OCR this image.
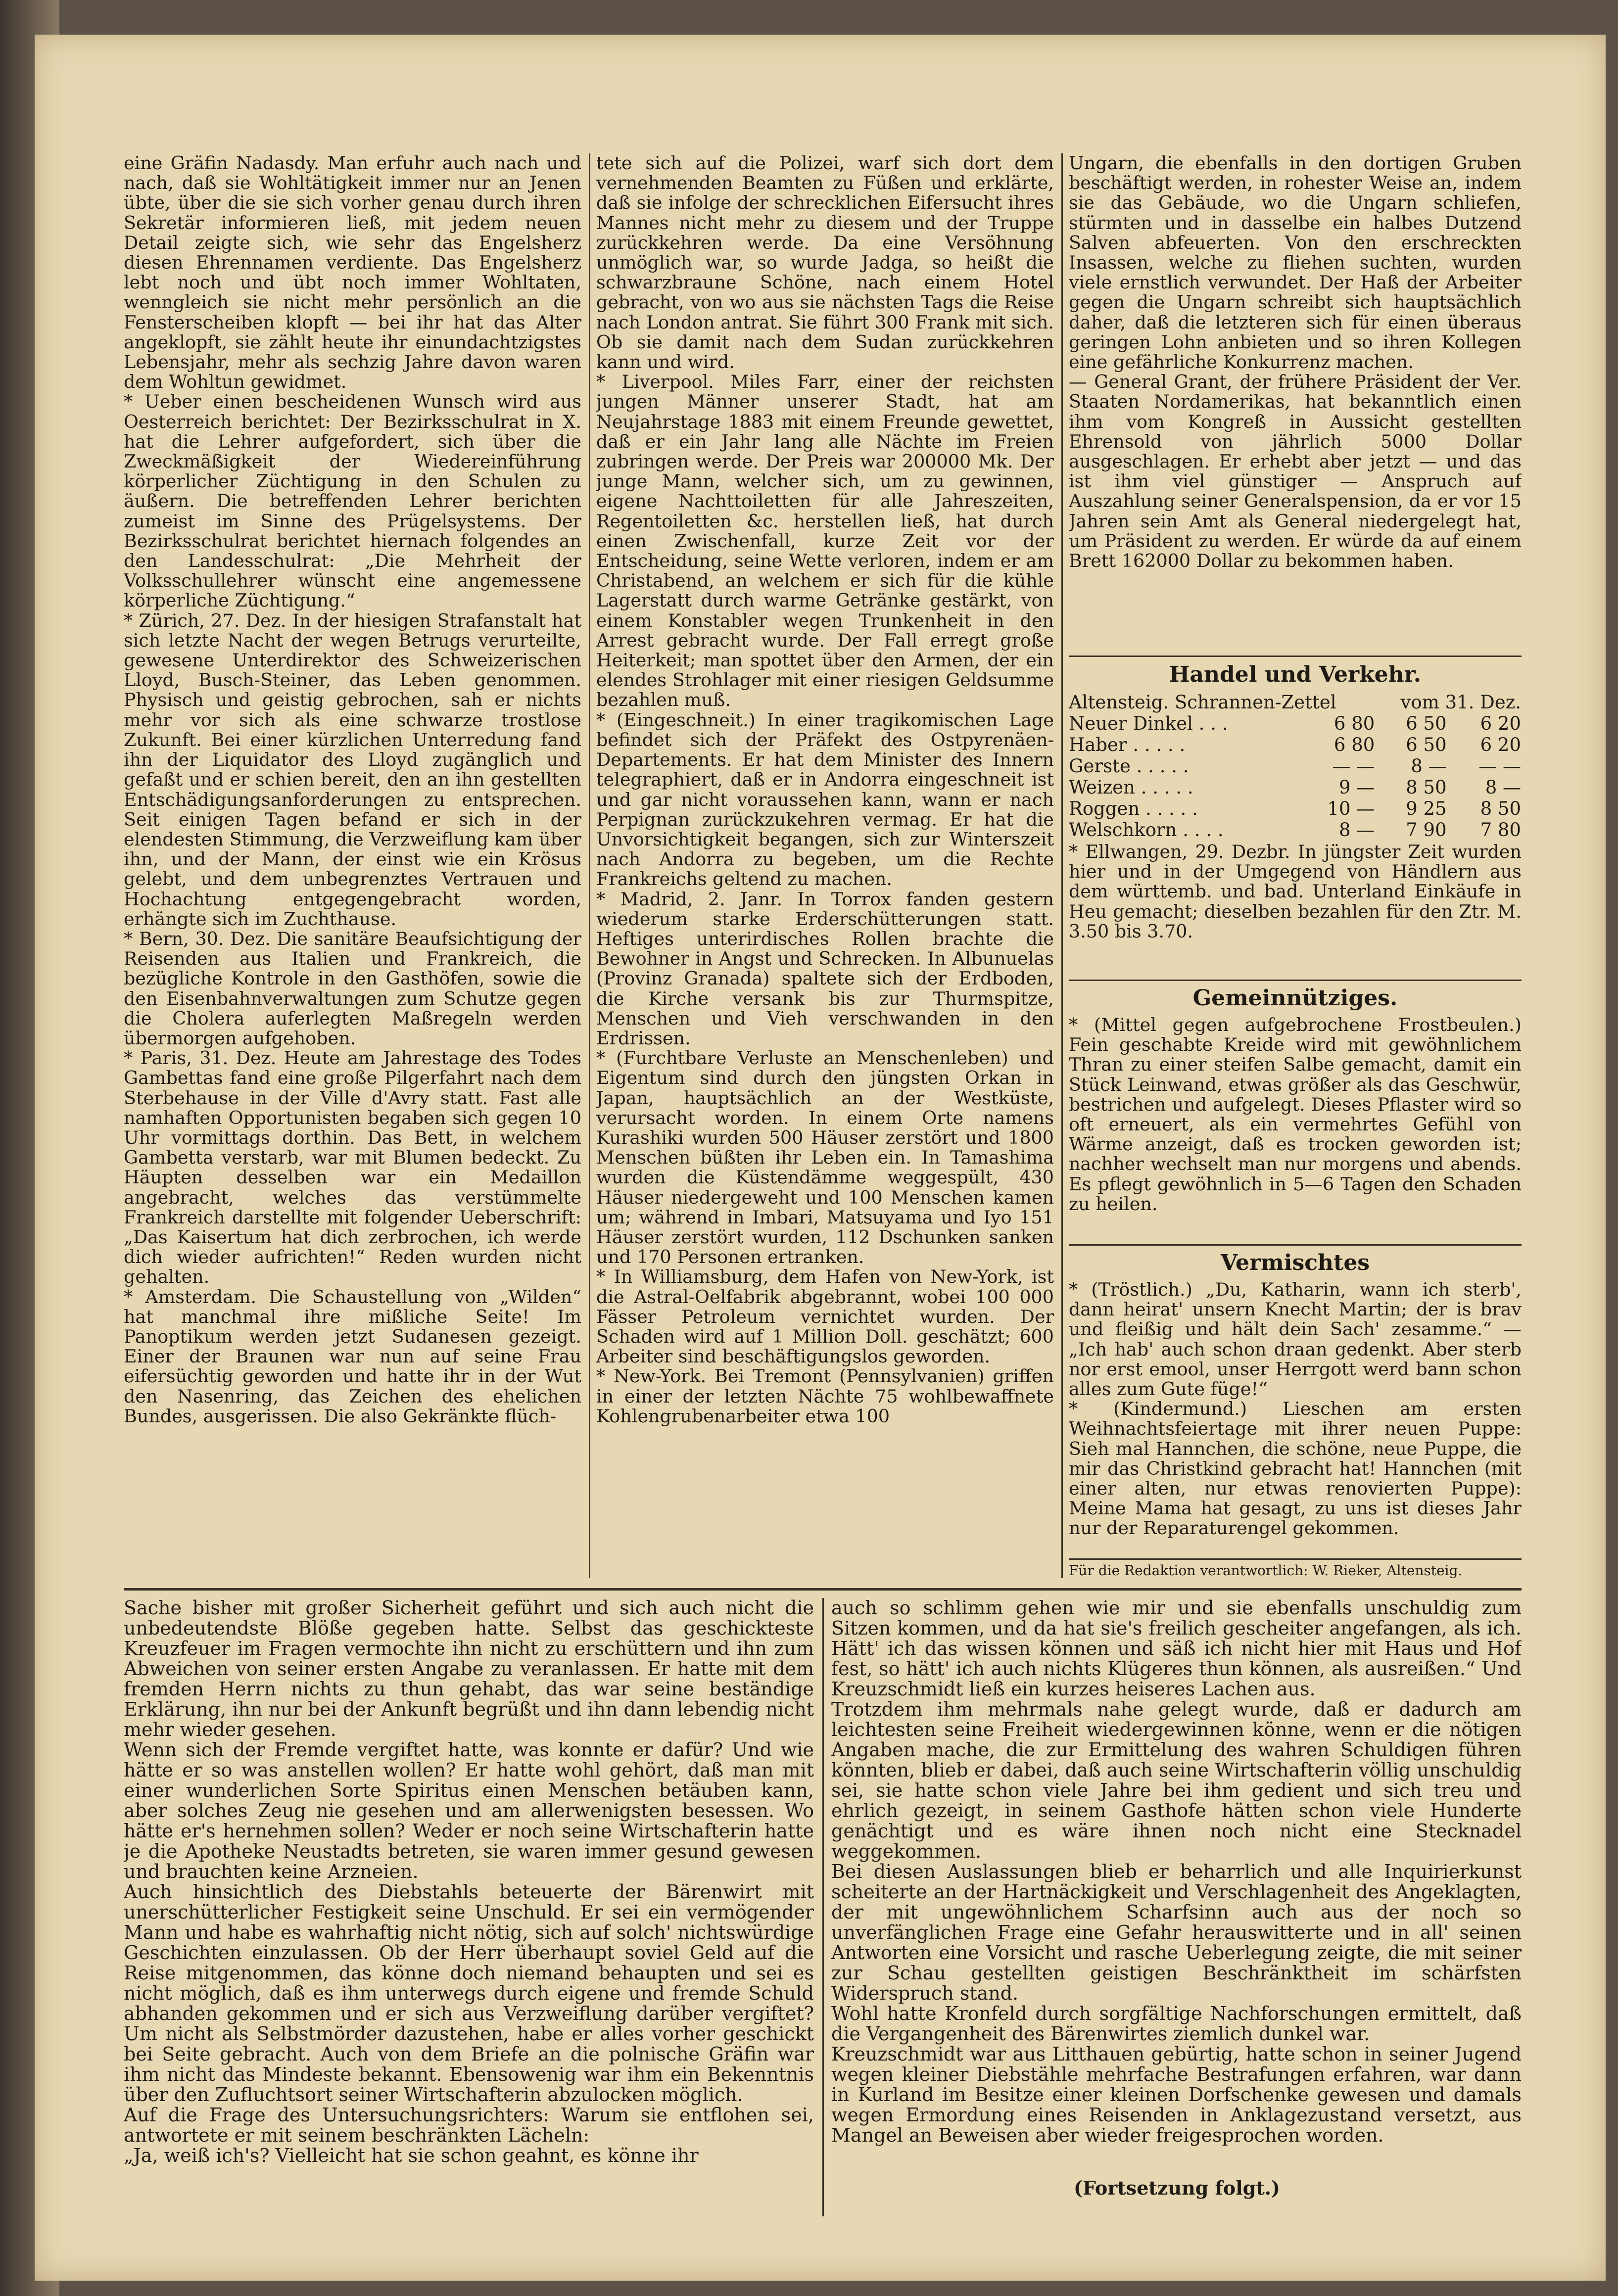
eine Gräfin Nadasdy. Man erfuhr auch nach und nach, daß sie Wohltätigkeit immer nur an Jenen übte, über die sie sich vorher genau durch ihren Sekretär informieren ließ, mit jedem neuen Detail zeigte sich, wie sehr das Engelsherz diesen Ehrennamen verdiente. Das Engelsherz lebt noch und übt noch immer Wohltaten, wenngleich sie nicht mehr persönlich an die Fensterscheiben klopft — bei ihr hat das Alter angeklopft, sie zählt heute ihr einundachtzigstes Lebensjahr, mehr als sechzig Jahre davon waren dem Wohltun gewidmet.
* Ueber einen bescheidenen Wunsch wird aus Oesterreich berichtet: Der Bezirksschulrat in X. hat die Lehrer aufgefordert, sich über die Zweckmäßigkeit der Wiedereinführung körperlicher Züchtigung in den Schulen zu äußern. Die betreffenden Lehrer berichten zumeist im Sinne des Prügelsystems. Der Bezirksschulrat berichtet hiernach folgendes an den Landesschulrat: „Die Mehrheit der Volksschullehrer wünscht eine angemessene körperliche Züchtigung.“
* Zürich, 27. Dez. In der hiesigen Strafanstalt hat sich letzte Nacht der wegen Betrugs verurteilte, gewesene Unterdirektor des Schweizerischen Lloyd, Busch-Steiner, das Leben genommen. Physisch und geistig gebrochen, sah er nichts mehr vor sich als eine schwarze trostlose Zukunft. Bei einer kürzlichen Unterredung fand ihn der Liquidator des Lloyd zugänglich und gefaßt und er schien bereit, den an ihn gestellten Entschädigungsanforderungen zu entsprechen. Seit einigen Tagen befand er sich in der elendesten Stimmung, die Verzweiflung kam über ihn, und der Mann, der einst wie ein Krösus gelebt, und dem unbegrenztes Vertrauen und Hochachtung entgegengebracht worden, erhängte sich im Zuchthause.
* Bern, 30. Dez. Die sanitäre Beaufsichtigung der Reisenden aus Italien und Frankreich, die bezügliche Kontrole in den Gasthöfen, sowie die den Eisenbahnverwaltungen zum Schutze gegen die Cholera auferlegten Maßregeln werden übermorgen aufgehoben.
* Paris, 31. Dez. Heute am Jahrestage des Todes Gambettas fand eine große Pilgerfahrt nach dem Sterbehause in der Ville d'Avry statt. Fast alle namhaften Opportunisten begaben sich gegen 10 Uhr vormittags dorthin. Das Bett, in welchem Gambetta verstarb, war mit Blumen bedeckt. Zu Häupten desselben war ein Medaillon angebracht, welches das verstümmelte Frankreich darstellte mit folgender Ueberschrift: „Das Kaisertum hat dich zerbrochen, ich werde dich wieder aufrichten!“ Reden wurden nicht gehalten.
* Amsterdam. Die Schaustellung von „Wilden“ hat manchmal ihre mißliche Seite! Im Panoptikum werden jetzt Sudanesen gezeigt. Einer der Braunen war nun auf seine Frau eifersüchtig geworden und hatte ihr in der Wut den Nasenring, das Zeichen des ehelichen Bundes, ausgerissen. Die also Gekränkte flüch-
tete sich auf die Polizei, warf sich dort dem vernehmenden Beamten zu Füßen und erklärte, daß sie infolge der schrecklichen Eifersucht ihres Mannes nicht mehr zu diesem und der Truppe zurückkehren werde. Da eine Versöhnung unmöglich war, so wurde Jadga, so heißt die schwarzbraune Schöne, nach einem Hotel gebracht, von wo aus sie nächsten Tags die Reise nach London antrat. Sie führt 300 Frank mit sich. Ob sie damit nach dem Sudan zurückkehren kann und wird.
* Liverpool. Miles Farr, einer der reichsten jungen Männer unserer Stadt, hat am Neujahrstage 1883 mit einem Freunde gewettet, daß er ein Jahr lang alle Nächte im Freien zubringen werde. Der Preis war 200000 Mk. Der junge Mann, welcher sich, um zu gewinnen, eigene Nachttoiletten für alle Jahreszeiten, Regentoiletten &c. herstellen ließ, hat durch einen Zwischenfall, kurze Zeit vor der Entscheidung, seine Wette verloren, indem er am Christabend, an welchem er sich für die kühle Lagerstatt durch warme Getränke gestärkt, von einem Konstabler wegen Trunkenheit in den Arrest gebracht wurde. Der Fall erregt große Heiterkeit; man spottet über den Armen, der ein elendes Strohlager mit einer riesigen Geldsumme bezahlen muß.
* (Eingeschneit.) In einer tragikomischen Lage befindet sich der Präfekt des Ostpyrenäen-Departements. Er hat dem Minister des Innern telegraphiert, daß er in Andorra eingeschneit ist und gar nicht voraussehen kann, wann er nach Perpignan zurückzukehren vermag. Er hat die Unvorsichtigkeit begangen, sich zur Winterszeit nach Andorra zu begeben, um die Rechte Frankreichs geltend zu machen.
* Madrid, 2. Janr. In Torrox fanden gestern wiederum starke Erderschütterungen statt. Heftiges unterirdisches Rollen brachte die Bewohner in Angst und Schrecken. In Albunuelas (Provinz Granada) spaltete sich der Erdboden, die Kirche versank bis zur Thurmspitze, Menschen und Vieh verschwanden in den Erdrissen.
* (Furchtbare Verluste an Menschenleben) und Eigentum sind durch den jüngsten Orkan in Japan, hauptsächlich an der Westküste, verursacht worden. In einem Orte namens Kurashiki wurden 500 Häuser zerstört und 1800 Menschen büßten ihr Leben ein. In Tamashima wurden die Küstendämme weggespült, 430 Häuser niedergeweht und 100 Menschen kamen um; während in Imbari, Matsuyama und Iyo 151 Häuser zerstört wurden, 112 Dschunken sanken und 170 Personen ertranken.
* In Williamsburg, dem Hafen von New-York, ist die Astral-Oelfabrik abgebrannt, wobei 100 000 Fässer Petroleum vernichtet wurden. Der Schaden wird auf 1 Million Doll. geschätzt; 600 Arbeiter sind beschäftigungslos geworden.
* New-York. Bei Tremont (Pennsylvanien) griffen in einer der letzten Nächte 75 wohlbewaffnete Kohlengrubenarbeiter etwa 100
Ungarn, die ebenfalls in den dortigen Gruben beschäftigt werden, in rohester Weise an, indem sie das Gebäude, wo die Ungarn schliefen, stürmten und in dasselbe ein halbes Dutzend Salven abfeuerten. Von den erschreckten Insassen, welche zu fliehen suchten, wurden viele ernstlich verwundet. Der Haß der Arbeiter gegen die Ungarn schreibt sich hauptsächlich daher, daß die letzteren sich für einen überaus geringen Lohn anbieten und so ihren Kollegen eine gefährliche Konkurrenz machen.
— General Grant, der frühere Präsident der Ver. Staaten Nordamerikas, hat bekanntlich einen ihm vom Kongreß in Aussicht gestellten Ehrensold von jährlich 5000 Dollar ausgeschlagen. Er erhebt aber jetzt — und das ist ihm viel günstiger — Anspruch auf Auszahlung seiner Generalspension, da er vor 15 Jahren sein Amt als General niedergelegt hat, um Präsident zu werden. Er würde da auf einem Brett 162000 Dollar zu bekommen haben.
Handel und Verkehr.
Altensteig. Schrannen-Zettel		vom 31. Dez.	
Neuer Dinkel . . .	6 80	6 50	6 20
Haber . . . . .	6 80	6 50	6 20
Gerste . . . . .	— —	8 —	— —
Weizen . . . . .	9 —	8 50	8 —
Roggen . . . . .	10 —	9 25	8 50
Welschkorn . . . .	8 —	7 90	7 80
* Ellwangen, 29. Dezbr. In jüngster Zeit wurden hier und in der Umgegend von Händlern aus dem württemb. und bad. Unterland Einkäufe in Heu gemacht; dieselben bezahlen für den Ztr. M. 3.50 bis 3.70.
Gemeinnütziges.
* (Mittel gegen aufgebrochene Frostbeulen.) Fein geschabte Kreide wird mit gewöhnlichem Thran zu einer steifen Salbe gemacht, damit ein Stück Leinwand, etwas größer als das Geschwür, bestrichen und aufgelegt. Dieses Pflaster wird so oft erneuert, als ein vermehrtes Gefühl von Wärme anzeigt, daß es trocken geworden ist; nachher wechselt man nur morgens und abends. Es pflegt gewöhnlich in 5—6 Tagen den Schaden zu heilen.
Vermischtes
* (Tröstlich.) „Du, Katharin, wann ich sterb', dann heirat' unsern Knecht Martin; der is brav und fleißig und hält dein Sach' zesamme.“ — „Ich hab' auch schon draan gedenkt. Aber sterb nor erst emool, unser Herrgott werd bann schon alles zum Gute füge!“
* (Kindermund.) Lieschen am ersten Weihnachtsfeiertage mit ihrer neuen Puppe: Sieh mal Hannchen, die schöne, neue Puppe, die mir das Christkind gebracht hat! Hannchen (mit einer alten, nur etwas renovierten Puppe): Meine Mama hat gesagt, zu uns ist dieses Jahr nur der Reparaturengel gekommen.
Für die Redaktion verantwortlich: W. Rieker, Altensteig.
Sache bisher mit großer Sicherheit geführt und sich auch nicht die unbedeutendste Blöße gegeben hatte. Selbst das geschickteste Kreuzfeuer im Fragen vermochte ihn nicht zu erschüttern und ihn zum Abweichen von seiner ersten Angabe zu veranlassen. Er hatte mit dem fremden Herrn nichts zu thun gehabt, das war seine beständige Erklärung, ihn nur bei der Ankunft begrüßt und ihn dann lebendig nicht mehr wieder gesehen.
Wenn sich der Fremde vergiftet hatte, was konnte er dafür? Und wie hätte er so was anstellen wollen? Er hatte wohl gehört, daß man mit einer wunderlichen Sorte Spiritus einen Menschen betäuben kann, aber solches Zeug nie gesehen und am allerwenigsten besessen. Wo hätte er's hernehmen sollen? Weder er noch seine Wirtschafterin hatte je die Apotheke Neustadts betreten, sie waren immer gesund gewesen und brauchten keine Arzneien.
Auch hinsichtlich des Diebstahls beteuerte der Bärenwirt mit unerschütterlicher Festigkeit seine Unschuld. Er sei ein vermögender Mann und habe es wahrhaftig nicht nötig, sich auf solch' nichtswürdige Geschichten einzulassen. Ob der Herr überhaupt soviel Geld auf die Reise mitgenommen, das könne doch niemand behaupten und sei es nicht möglich, daß es ihm unterwegs durch eigene und fremde Schuld abhanden gekommen und er sich aus Verzweiflung darüber vergiftet? Um nicht als Selbstmörder dazustehen, habe er alles vorher geschickt bei Seite gebracht. Auch von dem Briefe an die polnische Gräfin war ihm nicht das Mindeste bekannt. Ebensowenig war ihm ein Bekenntnis über den Zufluchtsort seiner Wirtschafterin abzulocken möglich.
Auf die Frage des Untersuchungsrichters: Warum sie entflohen sei, antwortete er mit seinem beschränkten Lächeln:
„Ja, weiß ich's? Vielleicht hat sie schon geahnt, es könne ihr
auch so schlimm gehen wie mir und sie ebenfalls unschuldig zum Sitzen kommen, und da hat sie's freilich gescheiter angefangen, als ich. Hätt' ich das wissen können und säß ich nicht hier mit Haus und Hof fest, so hätt' ich auch nichts Klügeres thun können, als ausreißen.“ Und Kreuzschmidt ließ ein kurzes heiseres Lachen aus.
Trotzdem ihm mehrmals nahe gelegt wurde, daß er dadurch am leichtesten seine Freiheit wiedergewinnen könne, wenn er die nötigen Angaben mache, die zur Ermittelung des wahren Schuldigen führen könnten, blieb er dabei, daß auch seine Wirtschafterin völlig unschuldig sei, sie hatte schon viele Jahre bei ihm gedient und sich treu und ehrlich gezeigt, in seinem Gasthofe hätten schon viele Hunderte genächtigt und es wäre ihnen noch nicht eine Stecknadel weggekommen.
Bei diesen Auslassungen blieb er beharrlich und alle Inquirierkunst scheiterte an der Hartnäckigkeit und Verschlagenheit des Angeklagten, der mit ungewöhnlichem Scharfsinn auch aus der noch so unverfänglichen Frage eine Gefahr herauswitterte und in all' seinen Antworten eine Vorsicht und rasche Ueberlegung zeigte, die mit seiner zur Schau gestellten geistigen Beschränktheit im schärfsten Widerspruch stand.
Wohl hatte Kronfeld durch sorgfältige Nachforschungen ermittelt, daß die Vergangenheit des Bärenwirtes ziemlich dunkel war.
Kreuzschmidt war aus Litthauen gebürtig, hatte schon in seiner Jugend wegen kleiner Diebstähle mehrfache Bestrafungen erfahren, war dann in Kurland im Besitze einer kleinen Dorfschenke gewesen und damals wegen Ermordung eines Reisenden in Anklagezustand versetzt, aus Mangel an Beweisen aber wieder freigesprochen worden.
(Fortsetzung folgt.)
